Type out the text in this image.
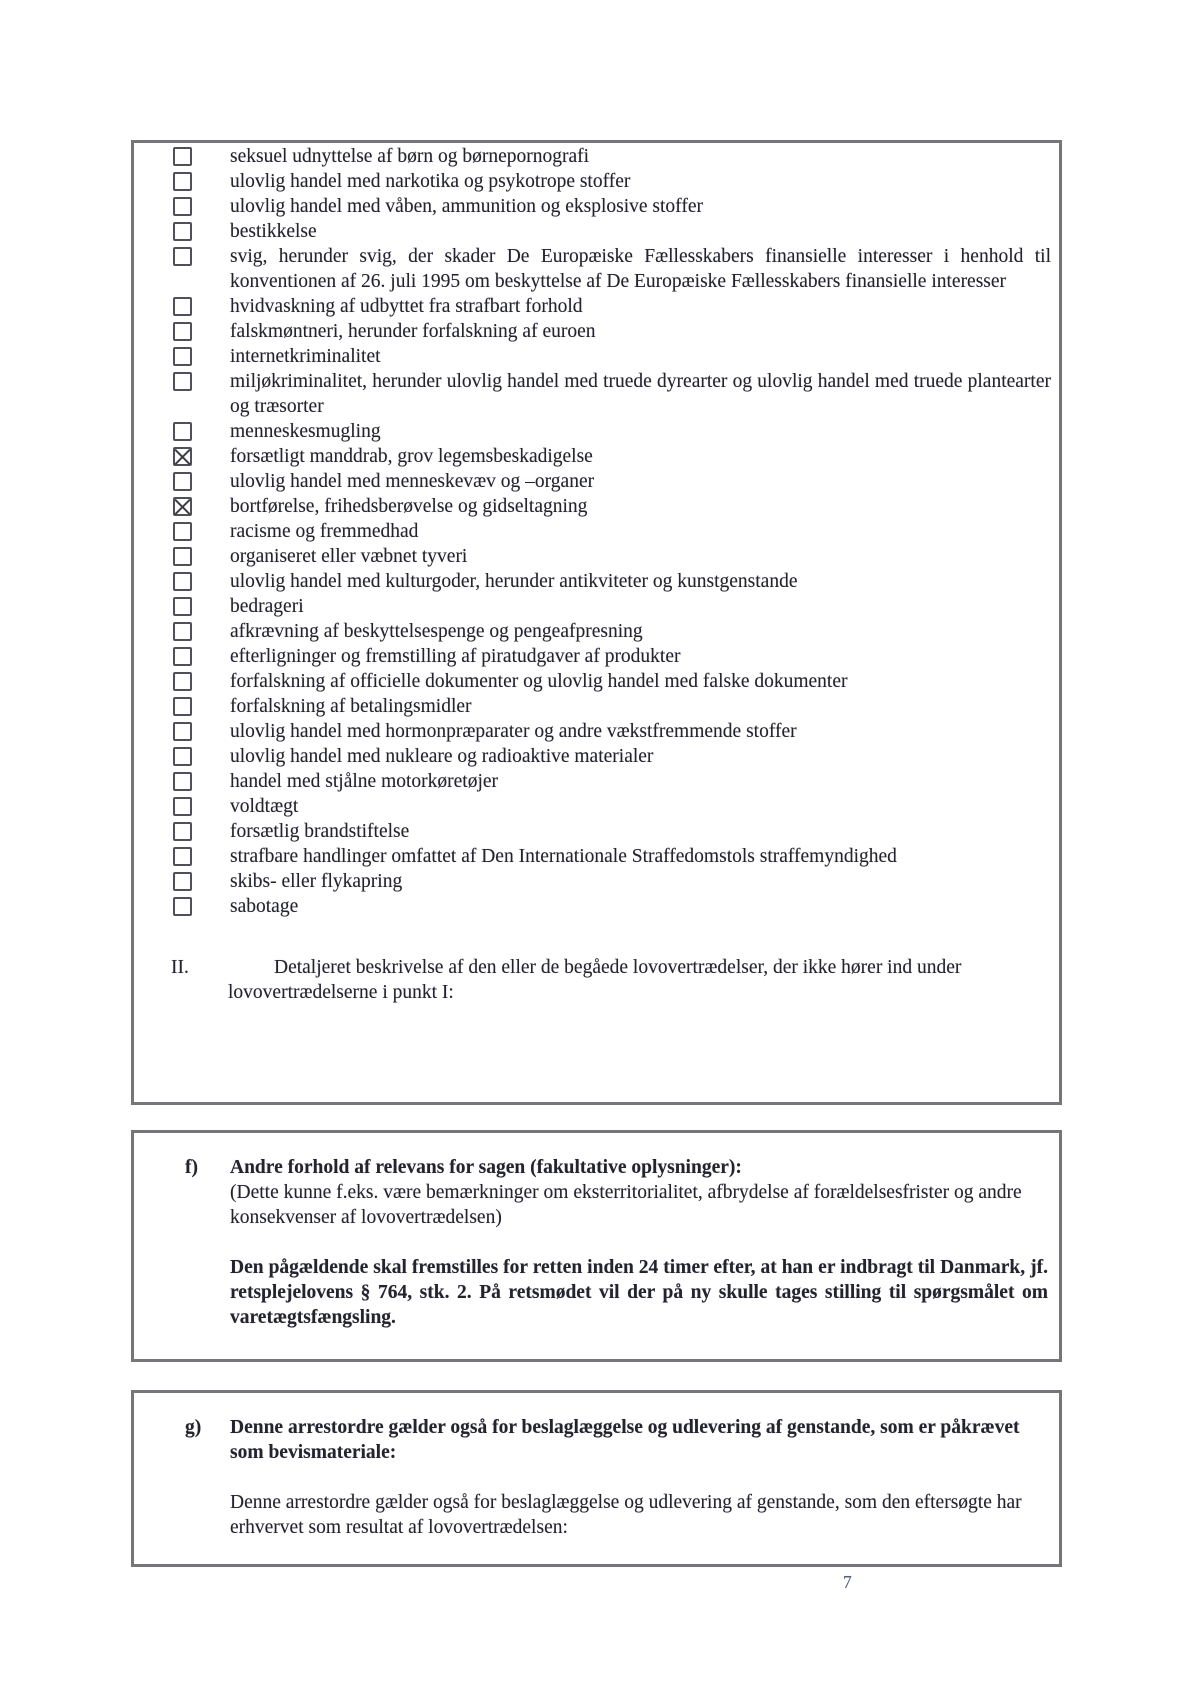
seksuel udnyttelse af børn og børnepornografi
ulovlig handel med narkotika og psykotrope stoffer
ulovlig handel med våben, ammunition og eksplosive stoffer
bestikkelse
svig, herunder svig, der skader De Europæiske Fællesskabers finansielle interesser i henhold til konventionen af 26. juli 1995 om beskyttelse af De Europæiske Fællesskabers finansielle interesser
hvidvaskning af udbyttet fra strafbart forhold
falskmøntneri, herunder forfalskning af euroen
internetkriminalitet
miljøkriminalitet, herunder ulovlig handel med truede dyrearter og ulovlig handel med truede plantearter og træsorter
menneskesmugling
forsætligt manddrab, grov legemsbeskadigelse
ulovlig handel med menneskevæv og –organer
bortførelse, frihedsberøvelse og gidseltagning
racisme og fremmedhad
organiseret eller væbnet tyveri
ulovlig handel med kulturgoder, herunder antikviteter og kunstgenstande
bedrageri
afkrævning af beskyttelsespenge og pengeafpresning
efterligninger og fremstilling af piratudgaver af produkter
forfalskning af officielle dokumenter og ulovlig handel med falske dokumenter
forfalskning af betalingsmidler
ulovlig handel med hormonpræparater og andre vækstfremmende stoffer
ulovlig handel med nukleare og radioaktive materialer
handel med stjålne motorkøretøjer
voldtægt
forsætlig brandstiftelse
strafbare handlinger omfattet af Den Internationale Straffedomstols straffemyndighed
skibs- eller flykapring
sabotage
II.	Detaljeret beskrivelse af den eller de begåede lovovertrædelser, der ikke hører ind under lovovertrædelserne i punkt I:

f)	Andre forhold af relevans for sagen (fakultative oplysninger):
(Dette kunne f.eks. være bemærkninger om eksterritorialitet, afbrydelse af forældelsesfrister og andre konsekvenser af lovovertrædelsen)
Den pågældende skal fremstilles for retten inden 24 timer efter, at han er indbragt til Danmark, jf. retsplejelovens § 764, stk. 2. På retsmødet vil der på ny skulle tages stilling til spørgsmålet om varetægtsfængsling.
g)	Denne arrestordre gælder også for beslaglæggelse og udlevering af genstande, som er påkrævet som bevismateriale:
Denne arrestordre gælder også for beslaglæggelse og udlevering af genstande, som den eftersøgte har erhvervet som resultat af lovovertrædelsen:
7
